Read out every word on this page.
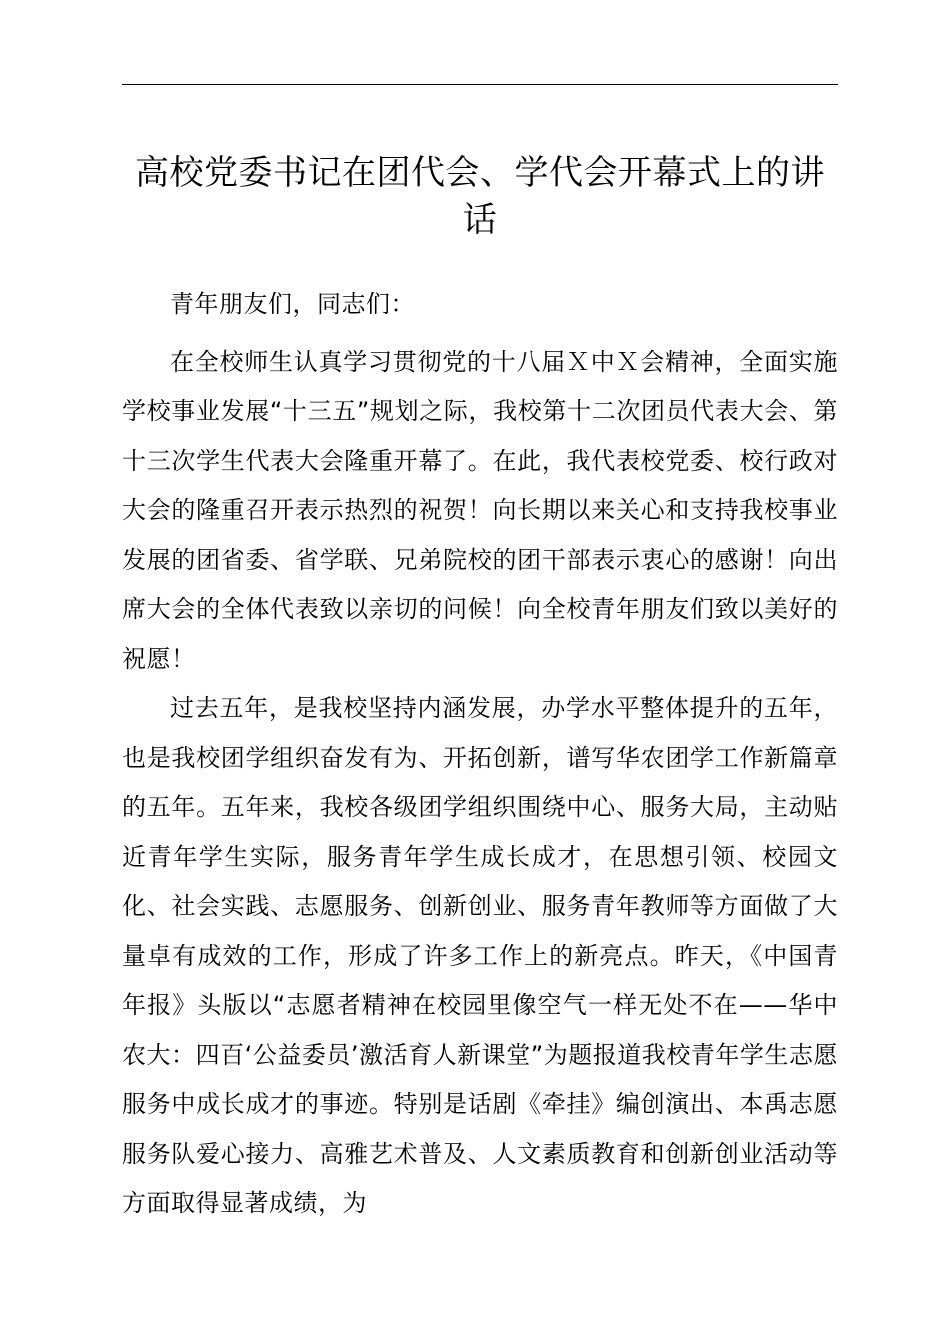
高校党委书记在团代会、学代会开幕式上的讲话

青年朋友们，同志们：

在全校师生认真学习贯彻党的十八届Ｘ中Ｘ会精神，全面实施学校事业发展“十三五”规划之际，我校第十二次团员代表大会、第十三次学生代表大会隆重开幕了。在此，我代表校党委、校行政对大会的隆重召开表示热烈的祝贺！向长期以来关心和支持我校事业发展的团省委、省学联、兄弟院校的团干部表示衷心的感谢！向出席大会的全体代表致以亲切的问候！向全校青年朋友们致以美好的祝愿！

过去五年，是我校坚持内涵发展，办学水平整体提升的五年，也是我校团学组织奋发有为、开拓创新，谱写华农团学工作新篇章的五年。五年来，我校各级团学组织围绕中心、服务大局，主动贴近青年学生实际，服务青年学生成长成才，在思想引领、校园文化、社会实践、志愿服务、创新创业、服务青年教师等方面做了大量卓有成效的工作，形成了许多工作上的新亮点。昨天，《中国青年报》头版以“志愿者精神在校园里像空气一样无处不在——华中农大：四百‘公益委员’激活育人新课堂”为题报道我校青年学生志愿服务中成长成才的事迹。特别是话剧《牵挂》编创演出、本禹志愿服务队爱心接力、高雅艺术普及、人文素质教育和创新创业活动等方面取得显著成绩，为
